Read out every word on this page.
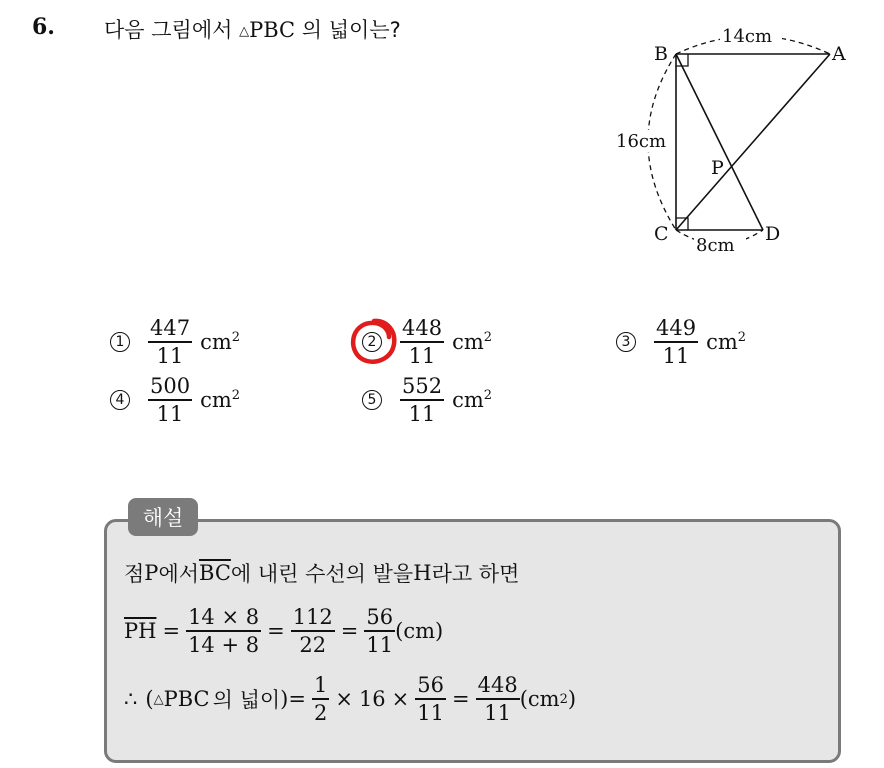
6. 다음 그림에서 △PBC 의 넓이는?
B	A
C	D
P
14cm
16cm
8cm
$1 \frac{447}{11} cm^2$	$2 \frac{448}{11} cm^2$	$3 \frac{449}{11} cm^2$
$4 \frac{500}{11} cm^2$	$5 \frac{552}{11} cm^2$
해설
점 P 에서 $\overline{BC}$ 에 내린 수선의 발을 H 라고 하면
$\overline{PH} = \frac{14 \times 8}{14 + 8} = \frac{112}{22} = \frac{56}{11} (cm)$
∴ ( △ PBC 의 넓이 )= $\frac{1}{2} \times 16 \times \frac{56}{11} = \frac{448}{11} (cm$ 2 )
